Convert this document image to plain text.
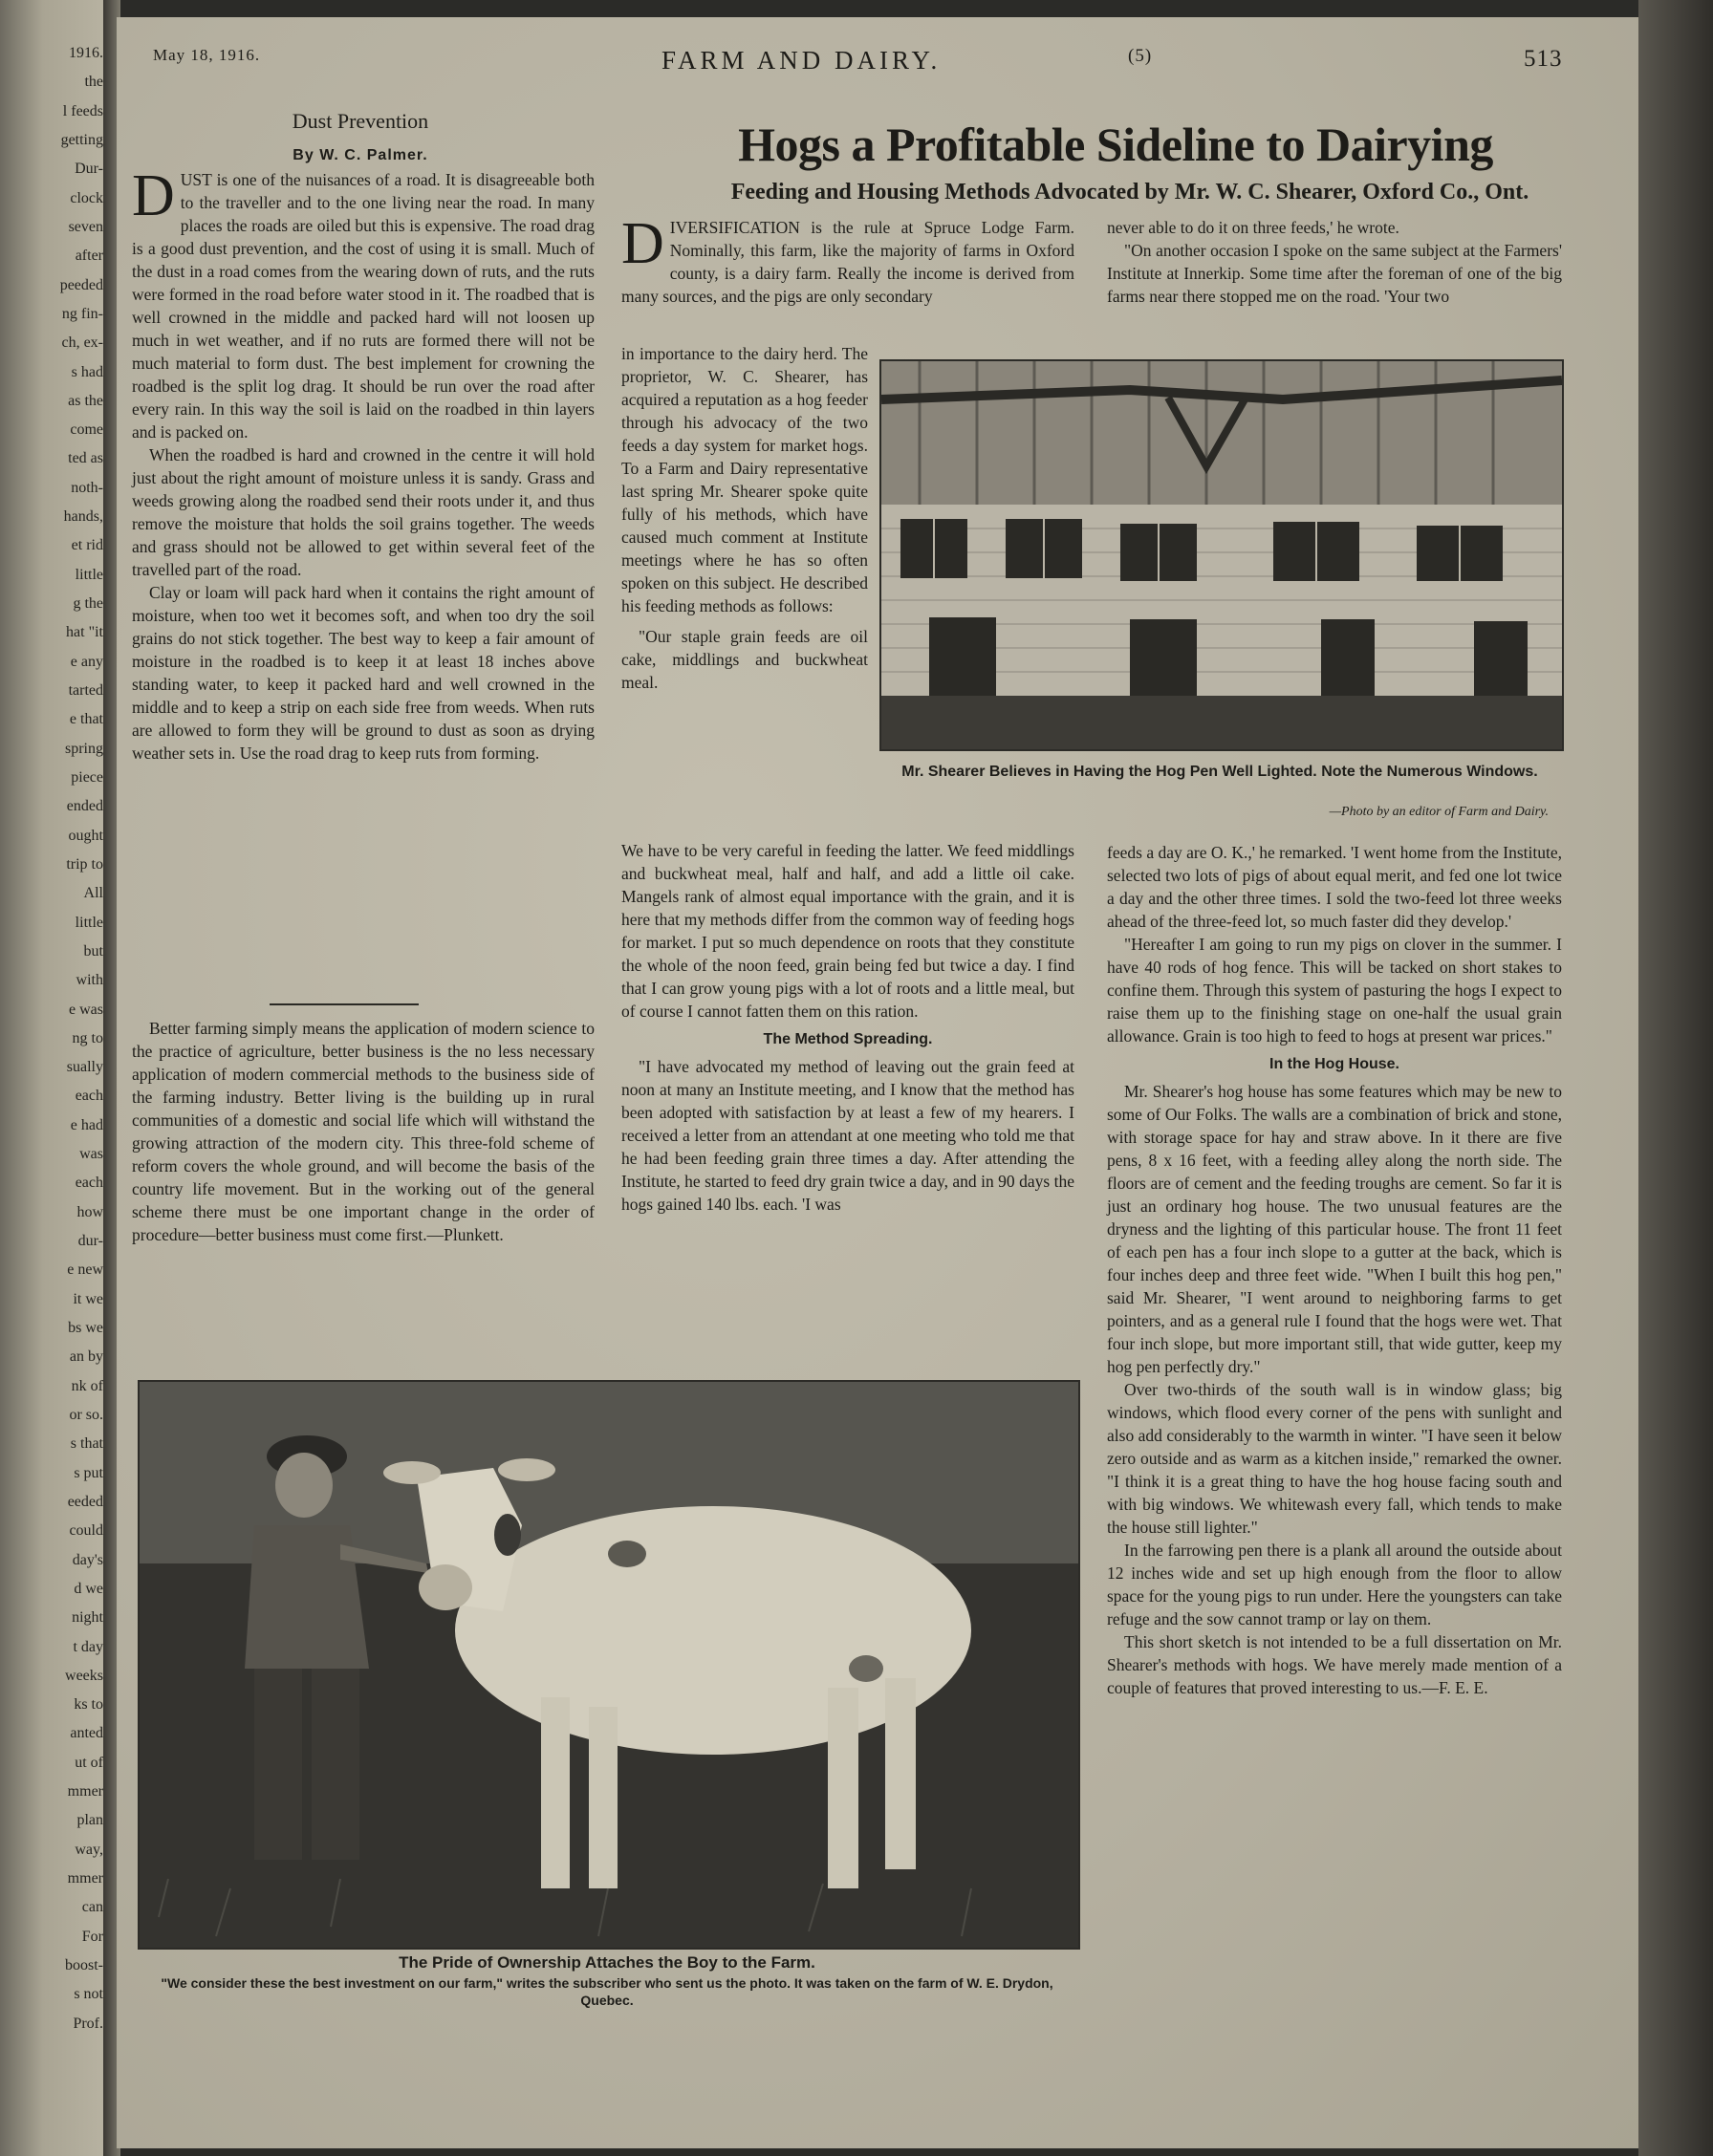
1916.
the
l feeds
getting
Dur-
clock
seven
after
peeded
ng fin-
ch, ex-
s had
as the
come
ted as
noth-
hands,
et rid
little
g the
hat "it
e any
tarted
e that
spring
piece
ended
ought
trip to
All
little
but
with
e was
ng to
sually
each
e had
was
each
how
dur-
e new
it we
bs we
an by
nk of
or so.
s that
s put
eeded
could
day's
d we
night
t day
weeks
ks to
anted
ut of
mmer
plan
way,
mmer
can
For
boost-
s not
Prof.
May 18, 1916.	FARM AND DAIRY.	(5)	513
Dust Prevention
By W. C. Palmer.

DUST is one of the nuisances of a road. It is disagreeable both to the traveller and to the one living near the road. In many places the roads are oiled but this is expensive. The road drag is a good dust prevention, and the cost of using it is small. Much of the dust in a road comes from the wearing down of ruts, and the ruts were formed in the road before water stood in it. The roadbed that is well crowned in the middle and packed hard will not loosen up much in wet weather, and if no ruts are formed there will not be much material to form dust. The best implement for crowning the roadbed is the split log drag. It should be run over the road after every rain. In this way the soil is laid on the roadbed in thin layers and is packed on.

When the roadbed is hard and crowned in the centre it will hold just about the right amount of moisture unless it is sandy. Grass and weeds growing along the roadbed send their roots under it, and thus remove the moisture that holds the soil grains together. The weeds and grass should not be allowed to get within several feet of the travelled part of the road.

Clay or loam will pack hard when it contains the right amount of moisture, when too wet it becomes soft, and when too dry the soil grains do not stick together. The best way to keep a fair amount of moisture in the roadbed is to keep it at least 18 inches above standing water, to keep it packed hard and well crowned in the middle and to keep a strip on each side free from weeds. When ruts are allowed to form they will be ground to dust as soon as drying weather sets in. Use the road drag to keep ruts from forming.

Better farming simply means the application of modern science to the practice of agriculture, better business is the no less necessary application of modern commercial methods to the business side of the farming industry. Better living is the building up in rural communities of a domestic and social life which will withstand the growing attraction of the modern city. This three-fold scheme of reform covers the whole ground, and will become the basis of the country life movement. But in the working out of the general scheme there must be one important change in the order of procedure—better business must come first.—Plunkett.

Hogs a Profitable Sideline to Dairying
Feeding and Housing Methods Advocated by Mr. W. C. Shearer, Oxford Co., Ont.

DIVERSIFICATION is the rule at Spruce Lodge Farm. Nominally, this farm, like the majority of farms in Oxford county, is a dairy farm. Really the income is derived from many sources, and the pigs are only secondary

in importance to the dairy herd. The proprietor, W. C. Shearer, has acquired a reputation as a hog feeder through his advocacy of the two feeds a day system for market hogs. To a Farm and Dairy representative last spring Mr. Shearer spoke quite fully of his methods, which have caused much comment at Institute meetings where he has so often spoken on this subject. He described his feeding methods as follows:

"Our staple grain feeds are oil cake, middlings and buckwheat meal.

We have to be very careful in feeding the latter. We feed middlings and buckwheat meal, half and half, and add a little oil cake. Mangels rank of almost equal importance with the grain, and it is here that my methods differ from the common way of feeding hogs for market. I put so much dependence on roots that they constitute the whole of the noon feed, grain being fed but twice a day. I find that I can grow young pigs with a lot of roots and a little meal, but of course I cannot fatten them on this ration.

The Method Spreading.

"I have advocated my method of leaving out the grain feed at noon at many an Institute meeting, and I know that the method has been adopted with satisfaction by at least a few of my hearers. I received a letter from an attendant at one meeting who told me that he had been feeding grain three times a day. After attending the Institute, he started to feed dry grain twice a day, and in 90 days the hogs gained 140 lbs. each. 'I was

never able to do it on three feeds,' he wrote.

"On another occasion I spoke on the same subject at the Farmers' Institute at Innerkip. Some time after the foreman of one of the big farms near there stopped me on the road. 'Your two

Mr. Shearer Believes in Having the Hog Pen Well Lighted. Note the Numerous Windows.
—Photo by an editor of Farm and Dairy.

feeds a day are O. K.,' he remarked. 'I went home from the Institute, selected two lots of pigs of about equal merit, and fed one lot twice a day and the other three times. I sold the two-feed lot three weeks ahead of the three-feed lot, so much faster did they develop.'

"Hereafter I am going to run my pigs on clover in the summer. I have 40 rods of hog fence. This will be tacked on short stakes to confine them. Through this system of pasturing the hogs I expect to raise them up to the finishing stage on one-half the usual grain allowance. Grain is too high to feed to hogs at present war prices."

In the Hog House.

Mr. Shearer's hog house has some features which may be new to some of Our Folks. The walls are a combination of brick and stone, with storage space for hay and straw above. In it there are five pens, 8 x 16 feet, with a feeding alley along the north side. The floors are of cement and the feeding troughs are cement. So far it is just an ordinary hog house. The two unusual features are the dryness and the lighting of this particular house. The front 11 feet of each pen has a four inch slope to a gutter at the back, which is four inches deep and three feet wide. "When I built this hog pen," said Mr. Shearer, "I went around to neighboring farms to get pointers, and as a general rule I found that the hogs were wet. That four inch slope, but more important still, that wide gutter, keep my hog pen perfectly dry."

Over two-thirds of the south wall is in window glass; big windows, which flood every corner of the pens with sunlight and also add considerably to the warmth in winter. "I have seen it below zero outside and as warm as a kitchen inside," remarked the owner. "I think it is a great thing to have the hog house facing south and with big windows. We whitewash every fall, which tends to make the house still lighter."

In the farrowing pen there is a plank all around the outside about 12 inches wide and set up high enough from the floor to allow space for the young pigs to run under. Here the youngsters can take refuge and the sow cannot tramp or lay on them.

This short sketch is not intended to be a full dissertation on Mr. Shearer's methods with hogs. We have merely made mention of a couple of features that proved interesting to us.—F. E. E.

The Pride of Ownership Attaches the Boy to the Farm.
"We consider these the best investment on our farm," writes the subscriber who sent us the photo. It was taken on the farm of W. E. Drydon, Quebec.
